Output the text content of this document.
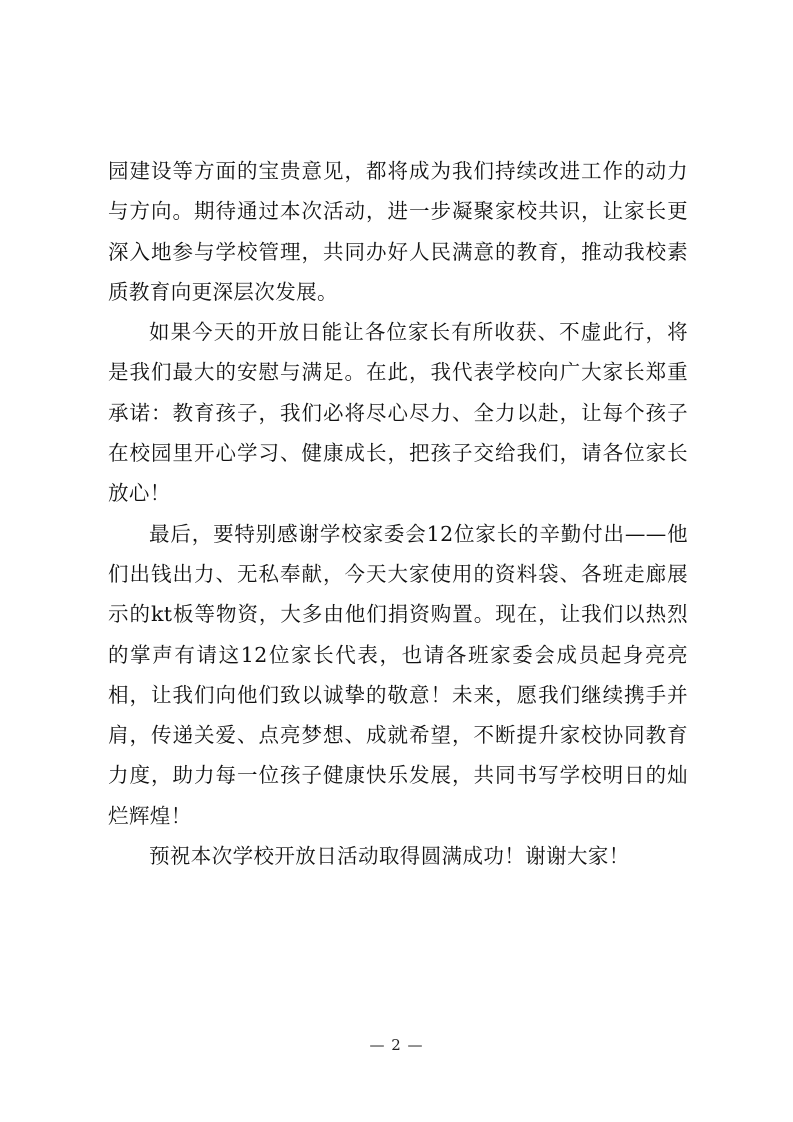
园建设等方面的宝贵意见，都将成为我们持续改进工作的动力与方向。期待通过本次活动，进一步凝聚家校共识，让家长更深入地参与学校管理，共同办好人民满意的教育，推动我校素质教育向更深层次发展。

如果今天的开放日能让各位家长有所收获、不虚此行，将是我们最大的安慰与满足。在此，我代表学校向广大家长郑重承诺：教育孩子，我们必将尽心尽力、全力以赴，让每个孩子在校园里开心学习、健康成长，把孩子交给我们，请各位家长放心！

最后，要特别感谢学校家委会12位家长的辛勤付出——他们出钱出力、无私奉献，今天大家使用的资料袋、各班走廊展示的kt板等物资，大多由他们捐资购置。现在，让我们以热烈的掌声有请这12位家长代表，也请各班家委会成员起身亮亮相，让我们向他们致以诚挚的敬意！未来，愿我们继续携手并肩，传递关爱、点亮梦想、成就希望，不断提升家校协同教育力度，助力每一位孩子健康快乐发展，共同书写学校明日的灿烂辉煌！

预祝本次学校开放日活动取得圆满成功！谢谢大家！

— 2 —
